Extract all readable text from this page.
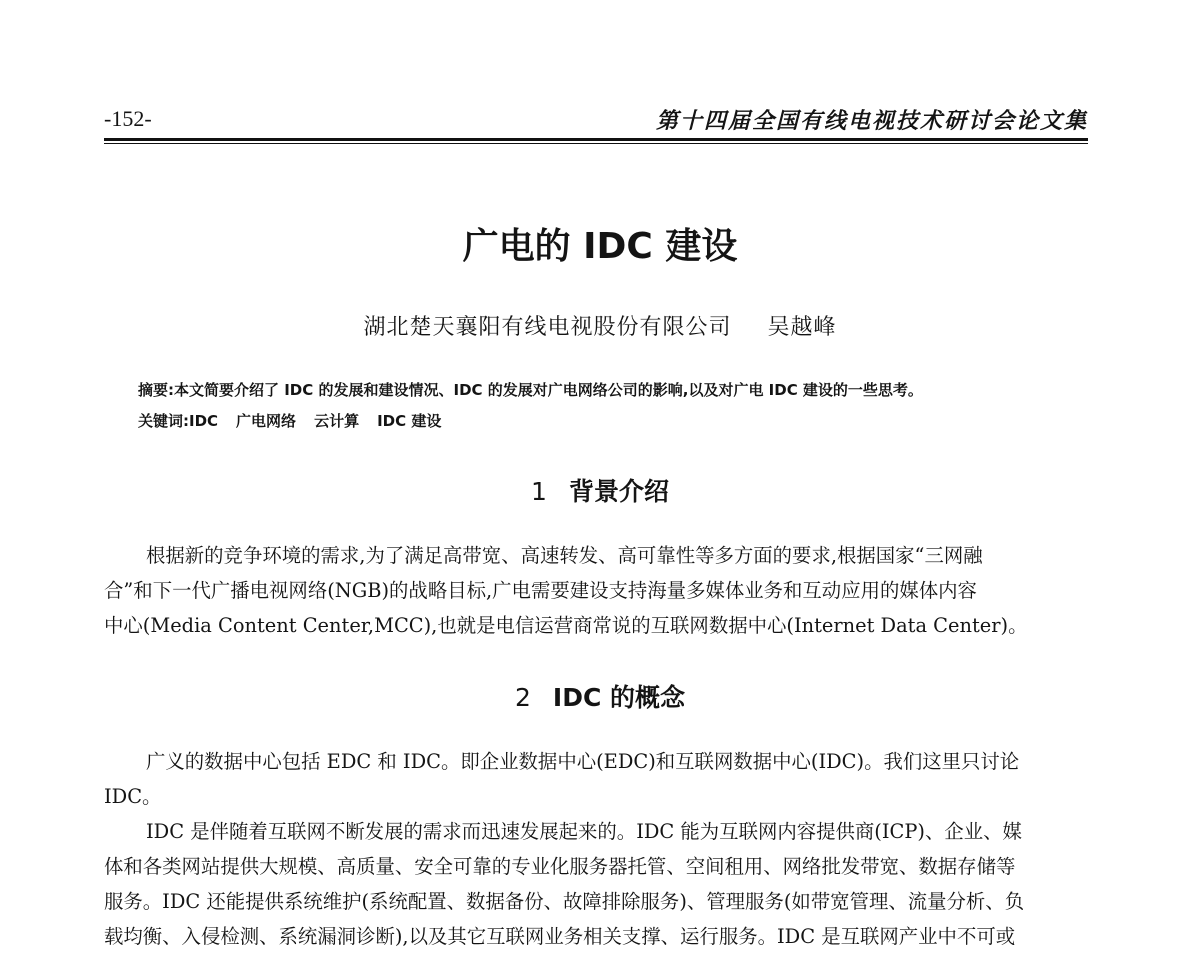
-152-	第十四届全国有线电视技术研讨会论文集
广电的 IDC 建设
湖北楚天襄阳有线电视股份有限公司 吴越峰
摘要:本文简要介绍了 IDC 的发展和建设情况、IDC 的发展对广电网络公司的影响,以及对广电 IDC 建设的一些思考。
关键词:IDC 广电网络 云计算 IDC 建设
1 背景介绍
根据新的竞争环境的需求,为了满足高带宽、高速转发、高可靠性等多方面的要求,根据国家“三网融
合”和下一代广播电视网络(NGB)的战略目标,广电需要建设支持海量多媒体业务和互动应用的媒体内容
中心(Media Content Center,MCC),也就是电信运营商常说的互联网数据中心(Internet Data Center)。
2 IDC 的概念
广义的数据中心包括 EDC 和 IDC。即企业数据中心(EDC)和互联网数据中心(IDC)。我们这里只讨论
IDC。
IDC 是伴随着互联网不断发展的需求而迅速发展起来的。IDC 能为互联网内容提供商(ICP)、企业、媒
体和各类网站提供大规模、高质量、安全可靠的专业化服务器托管、空间租用、网络批发带宽、数据存储等
服务。IDC 还能提供系统维护(系统配置、数据备份、故障排除服务)、管理服务(如带宽管理、流量分析、负
载均衡、入侵检测、系统漏洞诊断),以及其它互联网业务相关支撑、运行服务。IDC 是互联网产业中不可或
